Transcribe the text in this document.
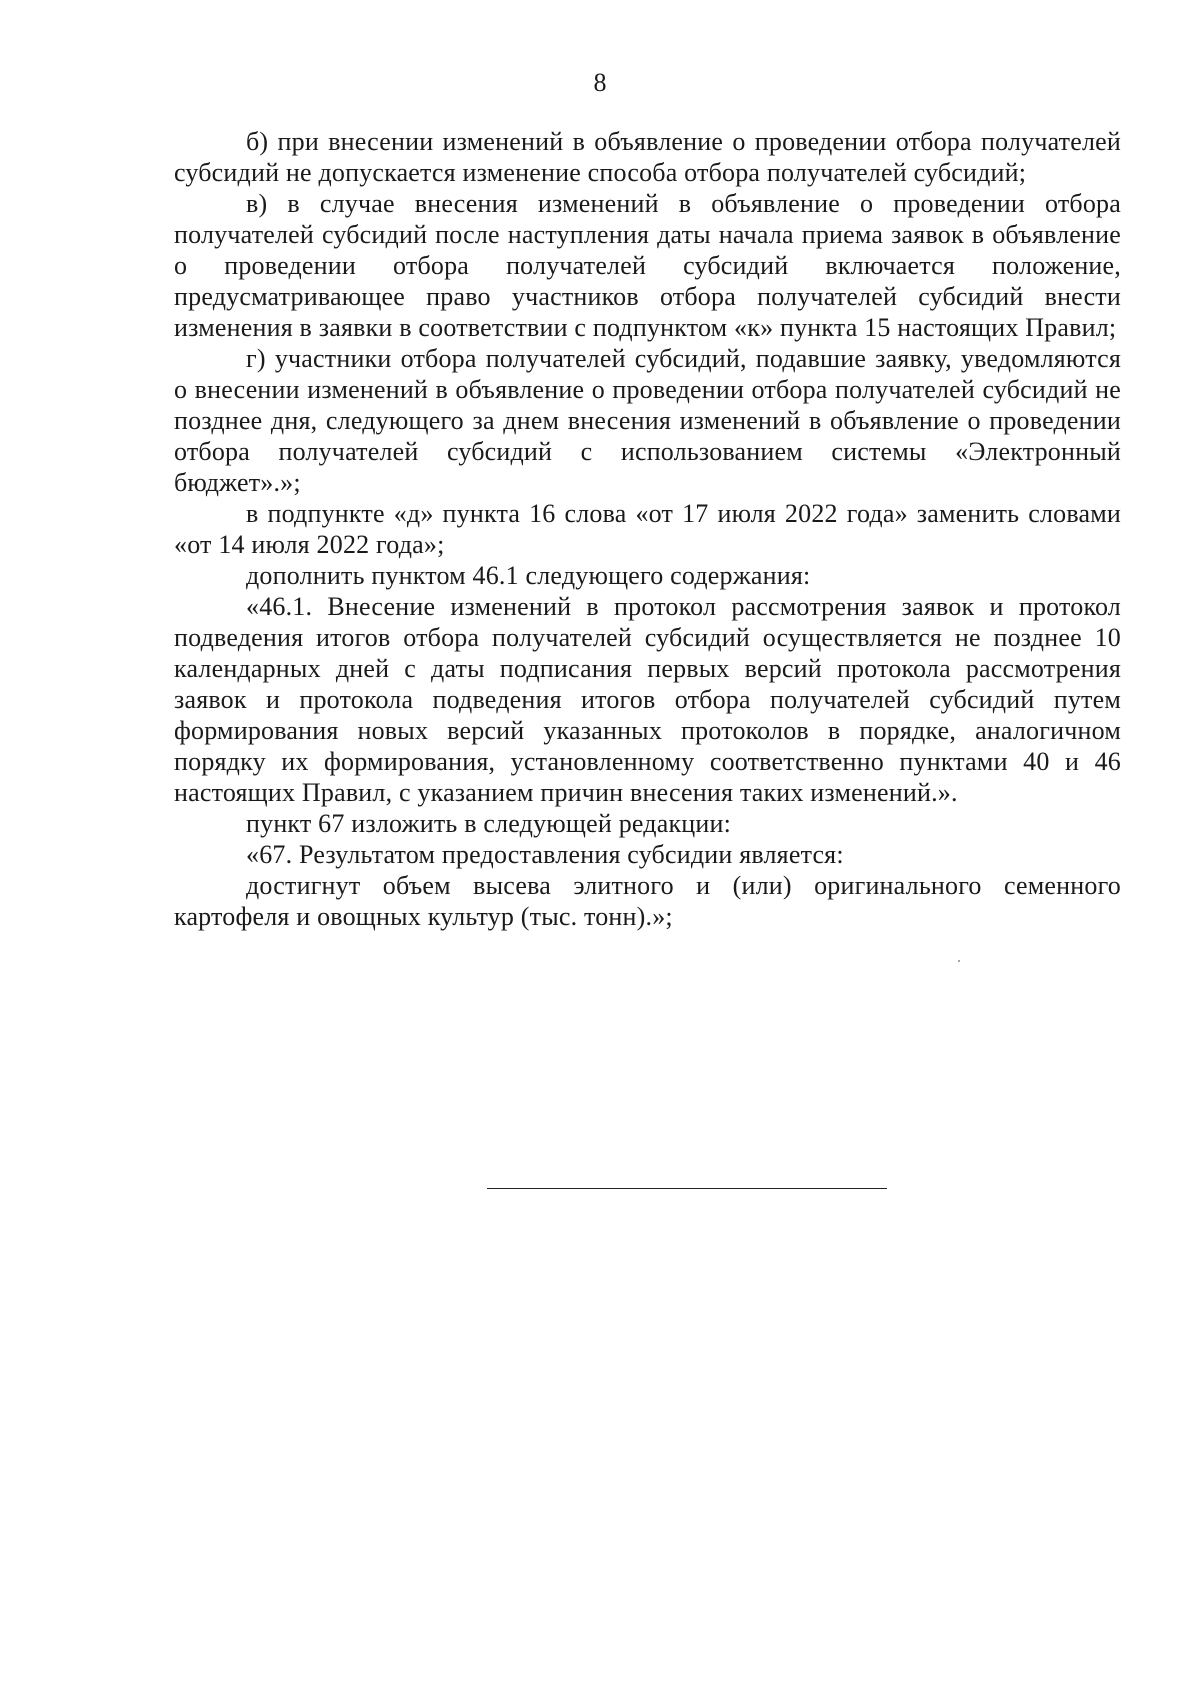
8

б) при внесении изменений в объявление о проведении отбора получателей субсидий не допускается изменение способа отбора получателей субсидий;

в) в случае внесения изменений в объявление о проведении отбора получателей субсидий после наступления даты начала приема заявок в объявление о проведении отбора получателей субсидий включается положение, предусматривающее право участников отбора получателей субсидий внести изменения в заявки в соответствии с подпунктом «к» пункта 15 настоящих Правил;

г) участники отбора получателей субсидий, подавшие заявку, уведомляются о внесении изменений в объявление о проведении отбора получателей субсидий не позднее дня, следующего за днем внесения изменений в объявление о проведении отбора получателей субсидий с использованием системы «Электронный бюджет».»;

в подпункте «д» пункта 16 слова «от 17 июля 2022 года» заменить словами «от 14 июля 2022 года»;

дополнить пунктом 46.1 следующего содержания:

«46.1. Внесение изменений в протокол рассмотрения заявок и протокол подведения итогов отбора получателей субсидий осуществляется не позднее 10 календарных дней с даты подписания первых версий протокола рассмотрения заявок и протокола подведения итогов отбора получателей субсидий путем формирования новых версий указанных протоколов в порядке, аналогичном порядку их формирования, установленному соответственно пунктами 40 и 46 настоящих Правил, с указанием причин внесения таких изменений.».

пункт 67 изложить в следующей редакции:

«67. Результатом предоставления субсидии является:

достигнут объем высева элитного и (или) оригинального семенного картофеля и овощных культур (тыс. тонн).»;
